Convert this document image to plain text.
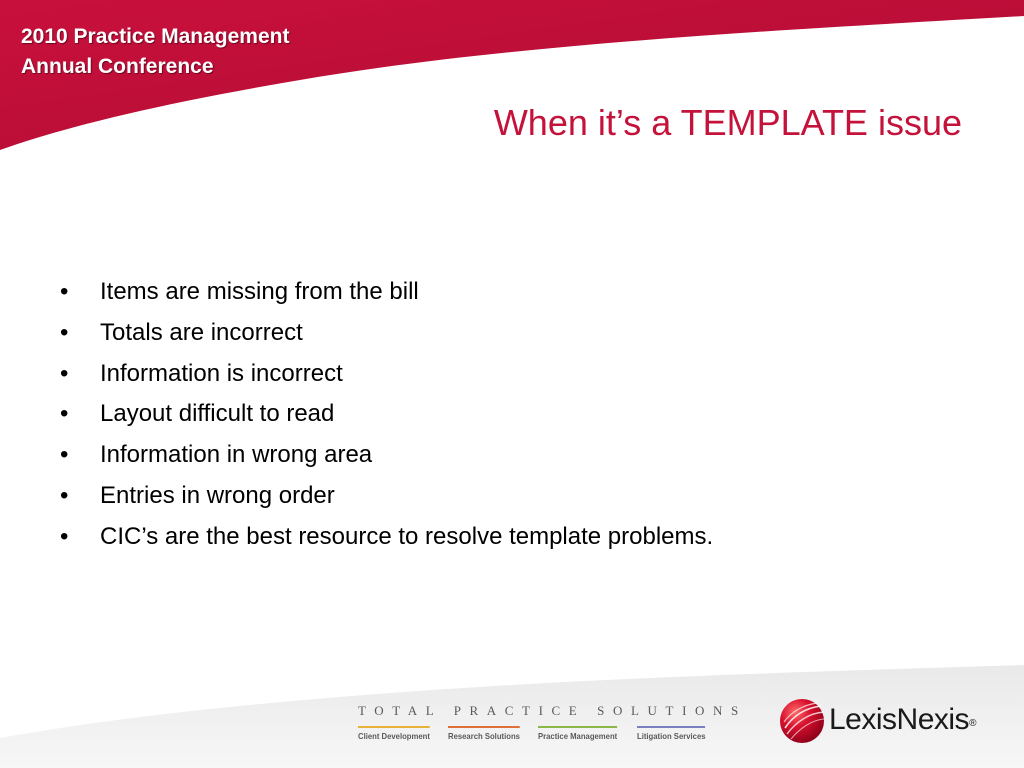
2010 Practice Management
Annual Conference
When it’s a TEMPLATE issue
• Items are missing from the bill
• Totals are incorrect
• Information is incorrect
• Layout difficult to read
• Information in wrong area
• Entries in wrong order
• CIC’s are the best resource to resolve template problems.
TOTAL PRACTICE SOLUTIONS
Client Development Research Solutions Practice Management Litigation Services	LexisNexis®
